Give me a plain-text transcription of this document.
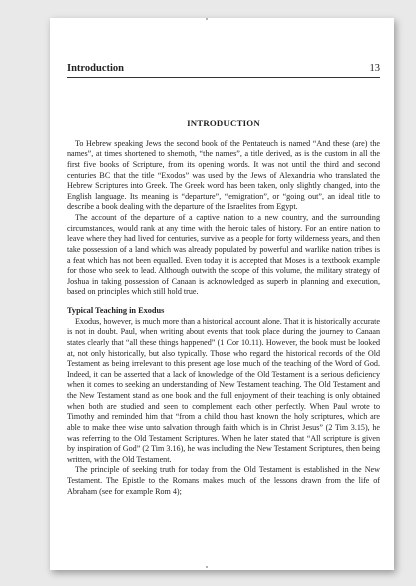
Introduction	13
INTRODUCTION

To Hebrew speaking Jews the second book of the Pentateuch is named “And these (are) the names”, at times shortened to shemoth, “the names”, a title derived, as is the custom in all the first five books of Scripture, from its opening words. It was not until the third and second centuries BC that the title “Exodos” was used by the Jews of Alexandria who translated the Hebrew Scriptures into Greek. The Greek word has been taken, only slightly changed, into the English language. Its meaning is “departure”, “emigration”, or “going out”, an ideal title to describe a book dealing with the departure of the Israelites from Egypt.

The account of the departure of a captive nation to a new country, and the surrounding circumstances, would rank at any time with the heroic tales of history. For an entire nation to leave where they had lived for centuries, survive as a people for forty wilderness years, and then take possession of a land which was already populated by powerful and warlike nation tribes is a feat which has not been equalled. Even today it is accepted that Moses is a textbook example for those who seek to lead. Although outwith the scope of this volume, the military strategy of Joshua in taking possession of Canaan is acknowledged as superb in planning and execution, based on principles which still hold true.

Typical Teaching in Exodus

Exodus, however, is much more than a historical account alone. That it is historically accurate is not in doubt. Paul, when writing about events that took place during the journey to Canaan states clearly that “all these things happened” (1 Cor 10.11). However, the book must be looked at, not only historically, but also typically. Those who regard the historical records of the Old Testament as being irrelevant to this present age lose much of the teaching of the Word of God. Indeed, it can be asserted that a lack of knowledge of the Old Testament is a serious deficiency when it comes to seeking an understanding of New Testament teaching. The Old Testament and the New Testament stand as one book and the full enjoyment of their teaching is only obtained when both are studied and seen to complement each other perfectly. When Paul wrote to Timothy and reminded him that “from a child thou hast known the holy scriptures, which are able to make thee wise unto salvation through faith which is in Christ Jesus” (2 Tim 3.15), he was referring to the Old Testament Scriptures. When he later stated that “All scripture is given by inspiration of God” (2 Tim 3.16), he was including the New Testament Scriptures, then being written, with the Old Testament.

The principle of seeking truth for today from the Old Testament is established in the New Testament. The Epistle to the Romans makes much of the lessons drawn from the life of Abraham (see for example Rom 4);
